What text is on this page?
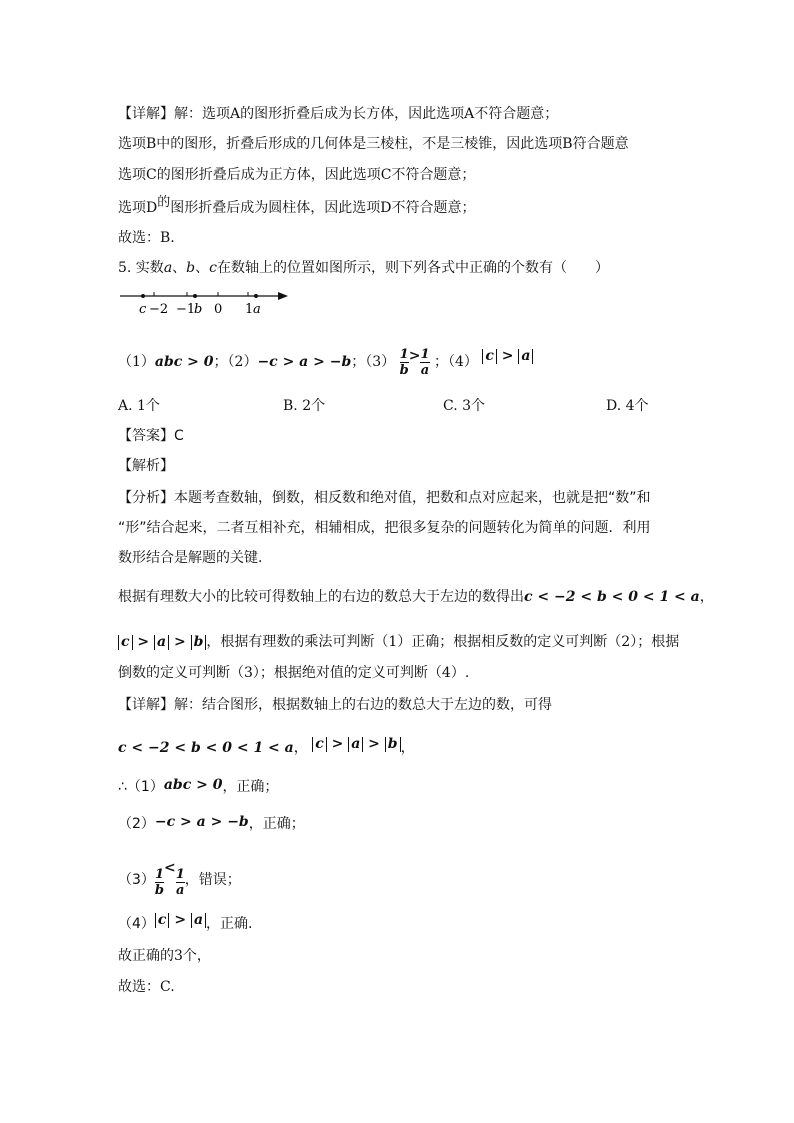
【详解】解：选项A的图形折叠后成为长方体，因此选项A不符合题意；
选项B中的图形，折叠后形成的几何体是三棱柱，不是三棱锥，因此选项B符合题意
选项C的图形折叠后成为正方体，因此选项C不符合题意；
选项D的图形折叠后成为圆柱体，因此选项D不符合题意；
故选：B.
5. 实数a、b、c在数轴上的位置如图所示，则下列各式中正确的个数有（　　）
c −2 −1
b 0 1 a
（1）abc > 0；（2）−c > a > −b；$(3) \frac{1}{b} > \frac{1}{a}$ ；（4） c > a
A. 1个	B. 2个	C. 3个	D. 4个
【答案】C
【解析】
【分析】本题考查数轴，倒数，相反数和绝对值，把数和点对应起来，也就是把“数”和
“形”结合起来，二者互相补充，相辅相成，把很多复杂的问题转化为简单的问题．利用
数形结合是解题的关键.
根据有理数大小的比较可得数轴上的右边的数总大于左边的数得出c < −2 < b < 0 < 1 < a，
c > a > b ，根据有理数的乘法可判断（1）正确；根据相反数的定义可判断（2）；根据
倒数的定义可判断（3）；根据绝对值的定义可判断（4）.
【详解】解：结合图形，根据数轴上的右边的数总大于左边的数，可得
c < −2 < b < 0 < 1 < a， c > a > b ，
∴（1）abc > 0，正确；
（2）−c > a > −b，正确；
$(3) \frac{1}{b} < \frac{1}{a}$ ，错误；
（4） c > a ，正确.
故正确的3个，
故选：C.
